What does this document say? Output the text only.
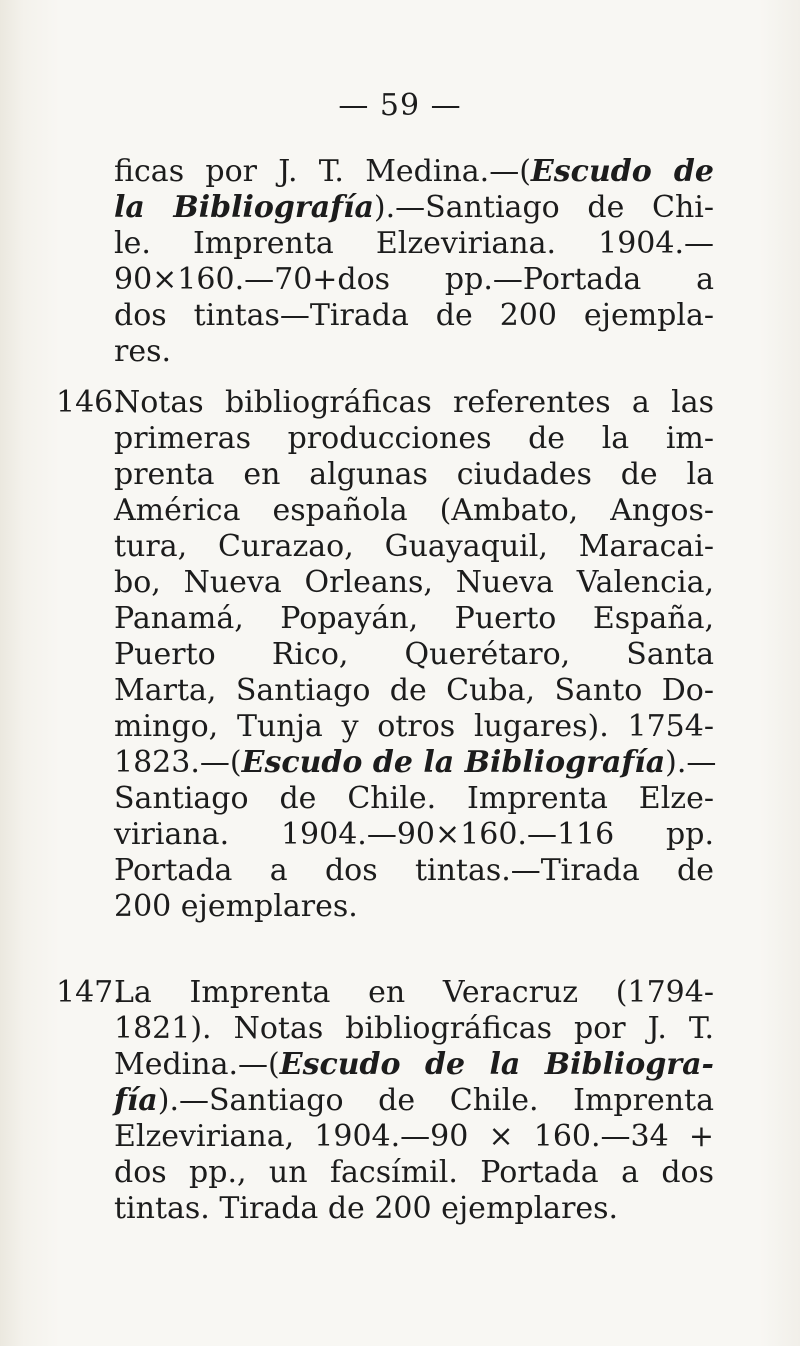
— 59 —
ficas por J. T. Medina.—(Escudo de
la Bibliografía).—Santiago de Chi-
le. Imprenta Elzeviriana. 1904.—
90×160.—70+dos pp.—Portada a
dos tintas—Tirada de 200 ejempla-
res.
146.
Notas bibliográficas referentes a las
primeras producciones de la im-
prenta en algunas ciudades de la
América española (Ambato, Angos-
tura, Curazao, Guayaquil, Maracai-
bo, Nueva Orleans, Nueva Valencia,
Panamá, Popayán, Puerto España,
Puerto Rico, Querétaro, Santa
Marta, Santiago de Cuba, Santo Do-
mingo, Tunja y otros lugares). 1754-
1823.—(Escudo de la Bibliografía).—
Santiago de Chile. Imprenta Elze-
viriana. 1904.—90×160.—116 pp.
Portada a dos tintas.—Tirada de
200 ejemplares.
147.
La Imprenta en Veracruz (1794-
1821). Notas bibliográficas por J. T.
Medina.—(Escudo de la Bibliogra-
fía).—Santiago de Chile. Imprenta
Elzeviriana, 1904.—90 × 160.—34 +
dos pp., un facsímil. Portada a dos
tintas. Tirada de 200 ejemplares.
